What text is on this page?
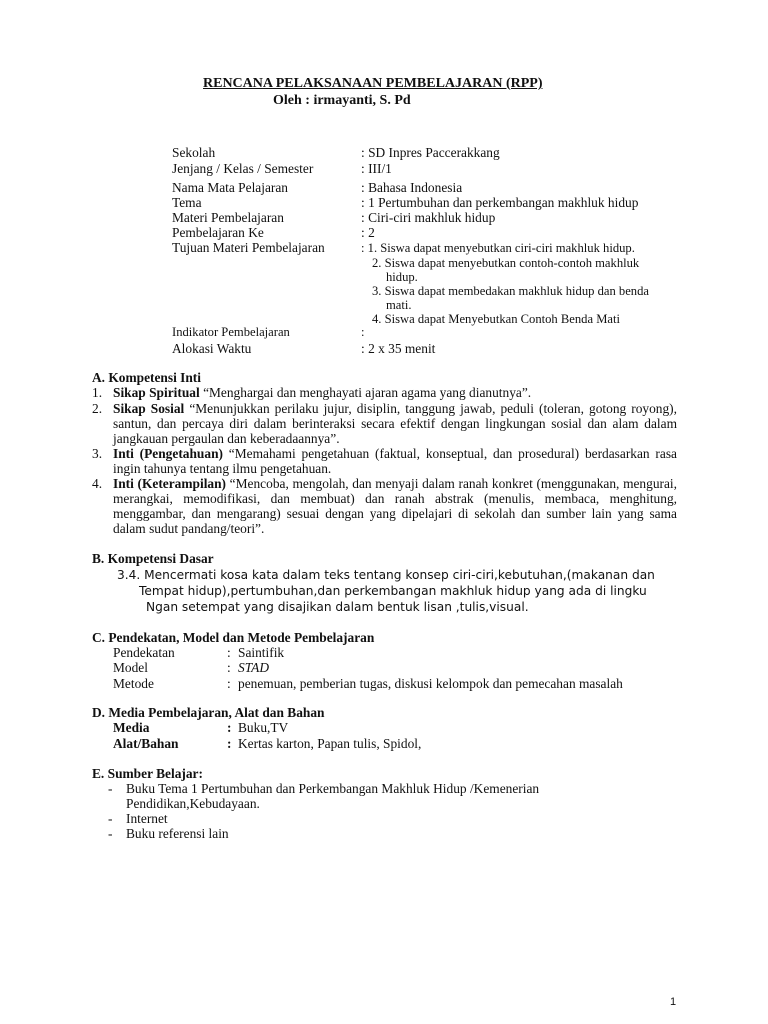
RENCANA PELAKSANAAN PEMBELAJARAN (RPP)
Oleh : irmayanti, S. Pd
Sekolah	: SD Inpres Paccerakkang
Jenjang / Kelas / Semester	: III/1
Nama Mata Pelajaran	: Bahasa Indonesia
Tema	: 1 Pertumbuhan dan perkembangan makhluk hidup
Materi Pembelajaran	: Ciri-ciri makhluk hidup
Pembelajaran Ke	: 2
Tujuan Materi Pembelajaran	: 1. Siswa dapat menyebutkan ciri-ciri makhluk hidup.
2. Siswa dapat menyebutkan contoh-contoh makhluk
hidup.
3. Siswa dapat membedakan makhluk hidup dan benda
mati.
4. Siswa dapat Menyebutkan Contoh Benda Mati
Indikator Pembelajaran	:
Alokasi Waktu	: 2 x 35 menit
A. Kompetensi Inti
1. Sikap Spiritual “Menghargai dan menghayati ajaran agama yang dianutnya”.
2. Sikap Sosial “Menunjukkan perilaku jujur, disiplin, tanggung jawab, peduli (toleran, gotong royong), santun, dan percaya diri dalam berinteraksi secara efektif dengan lingkungan sosial dan alam dalam jangkauan pergaulan dan keberadaannya”.
3. Inti (Pengetahuan) “Memahami pengetahuan (faktual, konseptual, dan prosedural) berdasarkan rasa ingin tahunya tentang ilmu pengetahuan.
4. Inti (Keterampilan) “Mencoba, mengolah, dan menyaji dalam ranah konkret (menggunakan, mengurai, merangkai, memodifikasi, dan membuat) dan ranah abstrak (menulis, membaca, menghitung, menggambar, dan mengarang) sesuai dengan yang dipelajari di sekolah dan sumber lain yang sama dalam sudut pandang/teori”.
B. Kompetensi Dasar
3.4. Mencermati kosa kata dalam teks tentang konsep ciri-ciri,kebutuhan,(makanan dan
Tempat hidup),pertumbuhan,dan perkembangan makhluk hidup yang ada di lingku
Ngan setempat yang disajikan dalam bentuk lisan ,tulis,visual.
C. Pendekatan, Model dan Metode Pembelajaran
Pendekatan	: Saintifik
Model	: STAD
Metode	: penemuan, pemberian tugas, diskusi kelompok dan pemecahan masalah
D. Media Pembelajaran, Alat dan Bahan
Media	: Buku,TV
Alat/Bahan	: Kertas karton, Papan tulis, Spidol,
E. Sumber Belajar:
- Buku Tema 1 Pertumbuhan dan Perkembangan Makhluk Hidup /Kemenerian
Pendidikan,Kebudayaan.
- Internet
- Buku referensi lain
1
